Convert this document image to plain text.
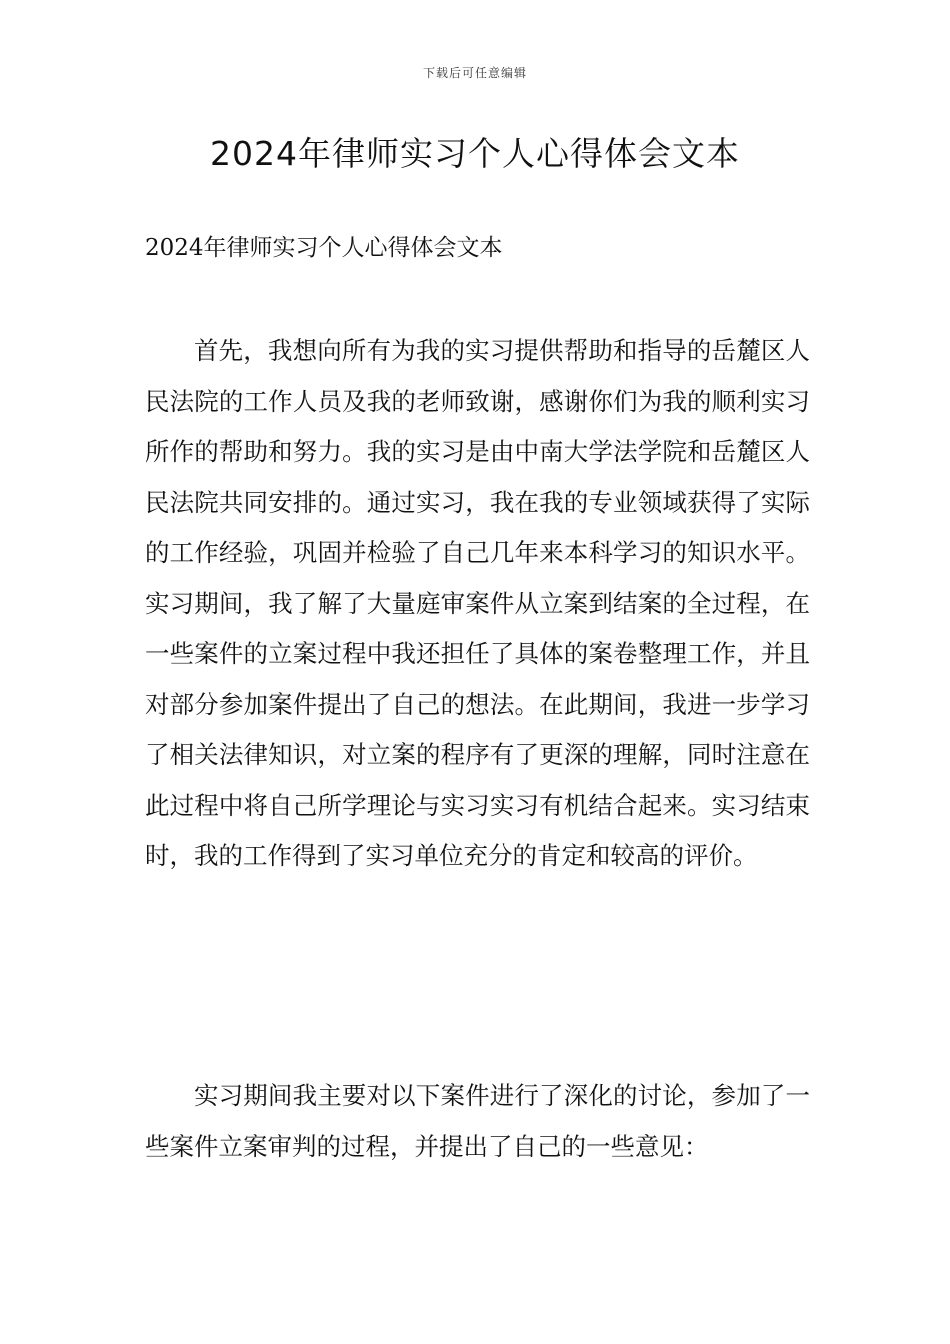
下载后可任意编辑
2024年律师实习个人心得体会文本
2024年律师实习个人心得体会文本

首先，我想向所有为我的实习提供帮助和指导的岳麓区人民法院的工作人员及我的老师致谢，感谢你们为我的顺利实习所作的帮助和努力。我的实习是由中南大学法学院和岳麓区人民法院共同安排的。通过实习，我在我的专业领域获得了实际的工作经验，巩固并检验了自己几年来本科学习的知识水平。实习期间，我了解了大量庭审案件从立案到结案的全过程，在一些案件的立案过程中我还担任了具体的案卷整理工作，并且对部分参加案件提出了自己的想法。在此期间，我进一步学习了相关法律知识，对立案的程序有了更深的理解，同时注意在此过程中将自己所学理论与实习实习有机结合起来。实习结束时，我的工作得到了实习单位充分的肯定和较高的评价。

实习期间我主要对以下案件进行了深化的讨论，参加了一些案件立案审判的过程，并提出了自己的一些意见：
